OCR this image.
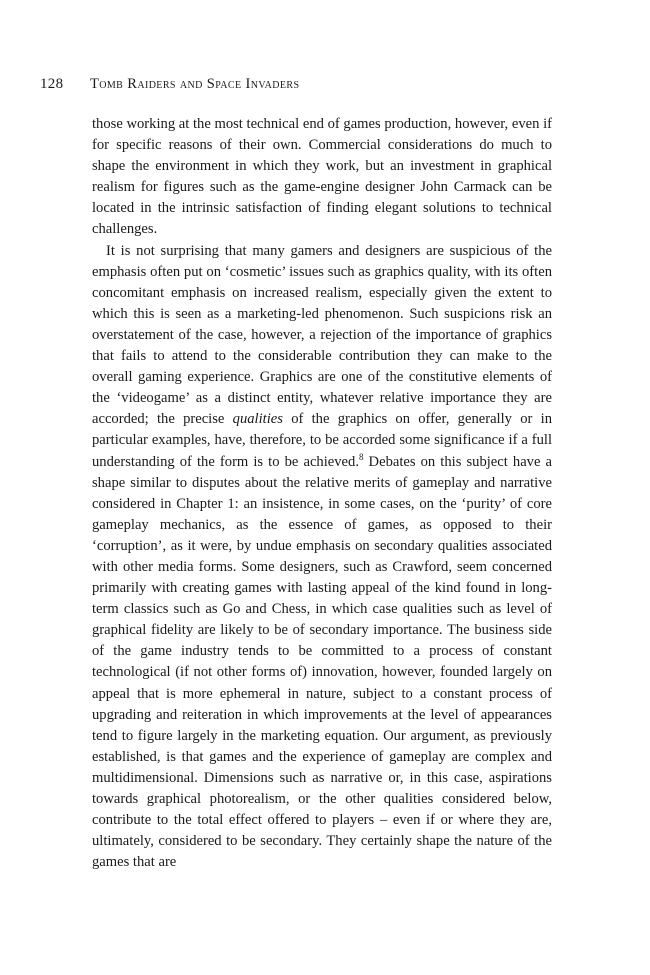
128 Tomb Raiders and Space Invaders

those working at the most technical end of games production, however, even if for specific reasons of their own. Commercial considerations do much to shape the environment in which they work, but an investment in graphical realism for figures such as the game-engine designer John Carmack can be located in the intrinsic satisfaction of finding elegant solutions to technical challenges.

It is not surprising that many gamers and designers are suspicious of the emphasis often put on ‘cosmetic’ issues such as graphics quality, with its often concomitant emphasis on increased realism, especially given the extent to which this is seen as a marketing-led phenomenon. Such suspicions risk an overstatement of the case, however, a rejection of the importance of graphics that fails to attend to the considerable contribution they can make to the overall gaming experience. Graphics are one of the constitutive elements of the ‘videogame’ as a distinct entity, whatever relative importance they are accorded; the precise qualities of the graphics on offer, generally or in particular examples, have, therefore, to be accorded some significance if a full understanding of the form is to be achieved.$^8$ Debates on this subject have a shape similar to disputes about the relative merits of gameplay and narrative considered in Chapter 1: an insistence, in some cases, on the ‘purity’ of core gameplay mechanics, as the essence of games, as opposed to their ‘corruption’, as it were, by undue emphasis on secondary qualities associated with other media forms. Some designers, such as Crawford, seem concerned primarily with creating games with lasting appeal of the kind found in long-term classics such as Go and Chess, in which case qualities such as level of graphical fidelity are likely to be of secondary importance. The business side of the game industry tends to be committed to a process of constant technological (if not other forms of) innovation, however, founded largely on appeal that is more ephemeral in nature, subject to a constant process of upgrading and reiteration in which improvements at the level of appearances tend to figure largely in the marketing equation. Our argument, as previously established, is that games and the experience of gameplay are complex and multidimensional. Dimensions such as narrative or, in this case, aspirations towards graphical photorealism, or the other qualities considered below, contribute to the total effect offered to players – even if or where they are, ultimately, considered to be secondary. They certainly shape the nature of the games that are
